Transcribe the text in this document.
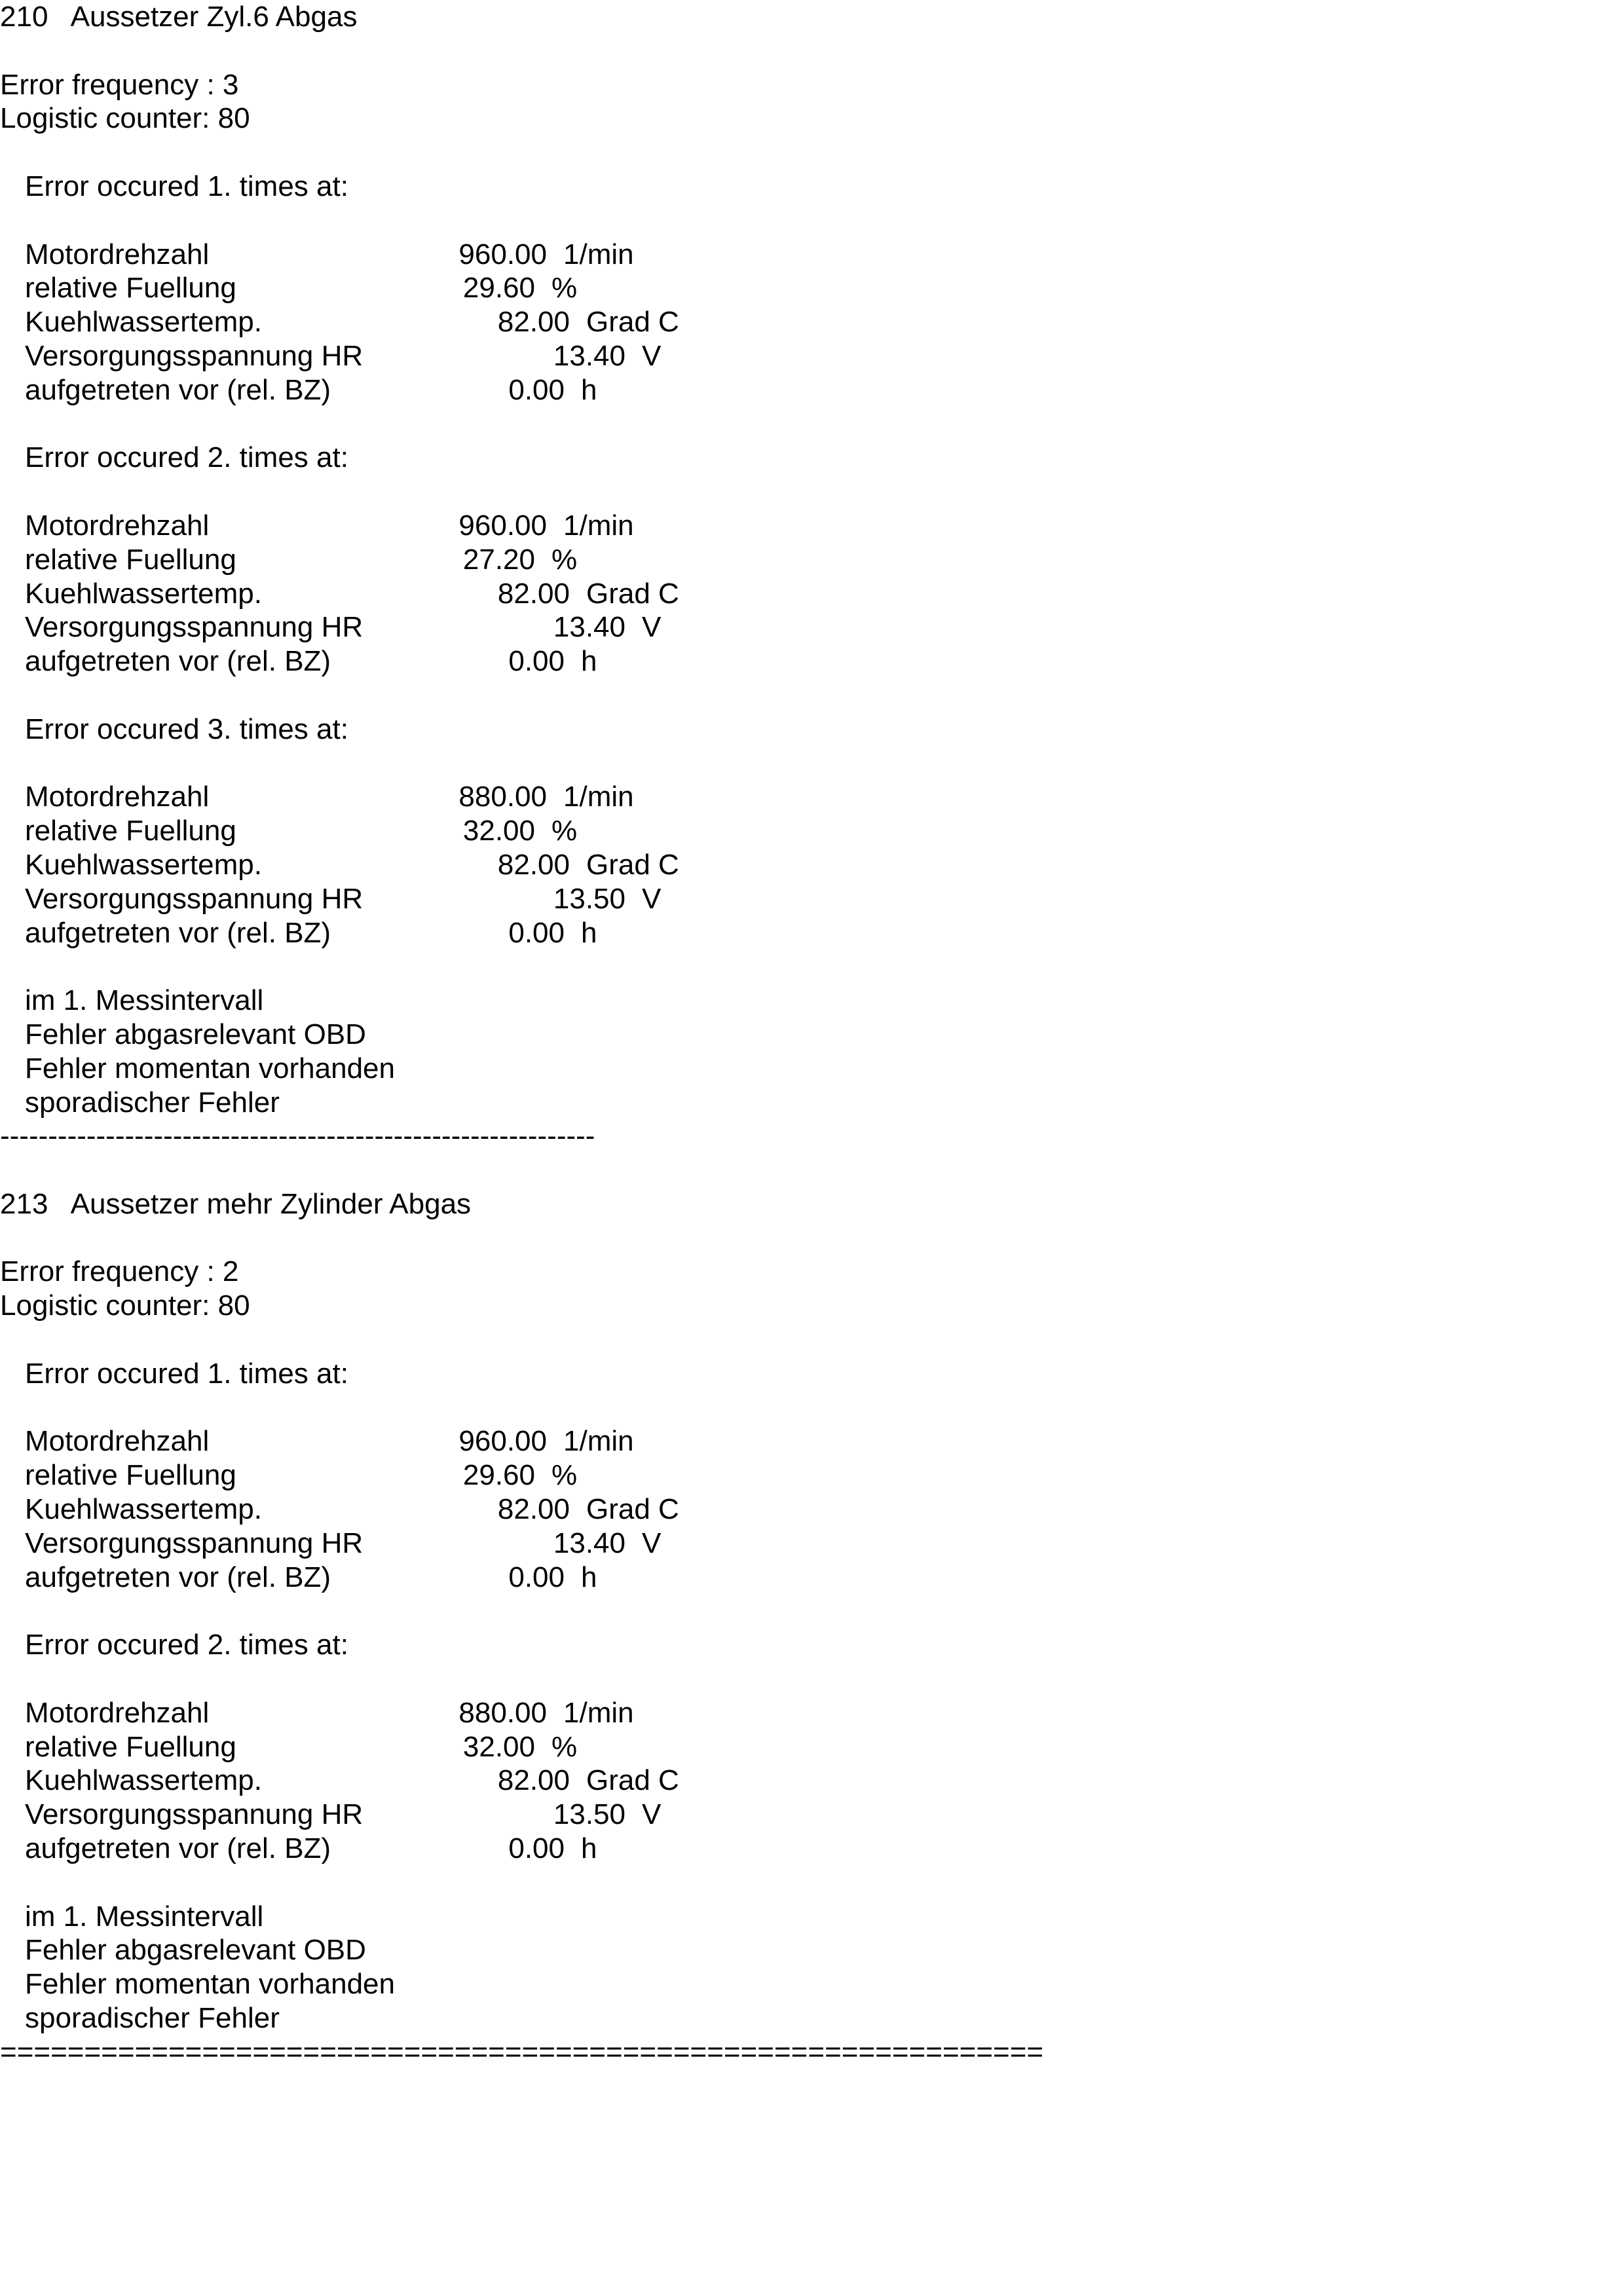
210 Aussetzer Zyl.6 Abgas
Error frequency : 3
Logistic counter: 80
Error occured 1. times at:
Motordrehzahl	960.00 1/min
relative Fuellung	29.60 %
Kuehlwassertemp.	82.00 Grad C
Versorgungsspannung HR	13.40 V
aufgetreten vor (rel. BZ)	0.00 h
Error occured 2. times at:
Motordrehzahl	960.00 1/min
relative Fuellung	27.20 %
Kuehlwassertemp.	82.00 Grad C
Versorgungsspannung HR	13.40 V
aufgetreten vor (rel. BZ)	0.00 h
Error occured 3. times at:
Motordrehzahl	880.00 1/min
relative Fuellung	32.00 %
Kuehlwassertemp.	82.00 Grad C
Versorgungsspannung HR	13.50 V
aufgetreten vor (rel. BZ)	0.00 h
im 1. Messintervall
Fehler abgasrelevant OBD
Fehler momentan vorhanden
sporadischer Fehler
--------------------------------------------------------------
213 Aussetzer mehr Zylinder Abgas
Error frequency : 2
Logistic counter: 80
Error occured 1. times at:
Motordrehzahl	960.00 1/min
relative Fuellung	29.60 %
Kuehlwassertemp.	82.00 Grad C
Versorgungsspannung HR	13.40 V
aufgetreten vor (rel. BZ)	0.00 h
Error occured 2. times at:
Motordrehzahl	880.00 1/min
relative Fuellung	32.00 %
Kuehlwassertemp.	82.00 Grad C
Versorgungsspannung HR	13.50 V
aufgetreten vor (rel. BZ)	0.00 h
im 1. Messintervall
Fehler abgasrelevant OBD
Fehler momentan vorhanden
sporadischer Fehler
==============================================================
